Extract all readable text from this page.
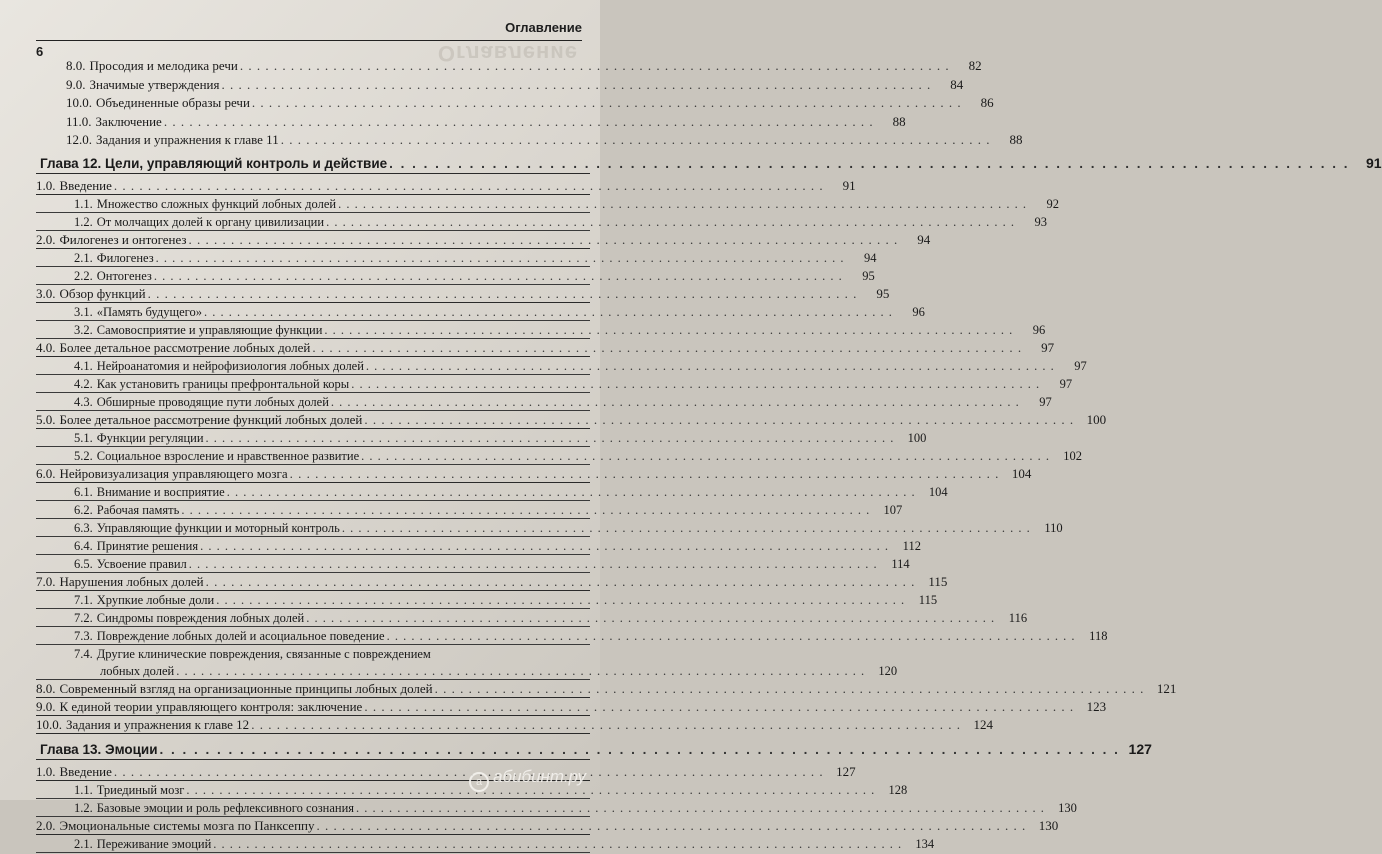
Оглавление
Оглавление
6
8.0. Просодия и мелодика речи . . .	82
9.0. Значимые утверждения . . .	84
10.0. Объединенные образы речи . . .	86
11.0. Заключение . . .	88
12.0. Задания и упражнения к главе 11 . . .	88
Глава 12. Цели, управляющий контроль и действие . . .	91
1.0. Введение . . .	91
1.1. Множество сложных функций лобных долей . . .	92
1.2. От молчащих долей к органу цивилизации . . .	93
2.0. Филогенез и онтогенез . . .	94
2.1. Филогенез . . .	94
2.2. Онтогенез . . .	95
3.0. Обзор функций . . .	95
3.1. «Память будущего» . . .	96
3.2. Самовосприятие и управляющие функции . . .	96
4.0. Более детальное рассмотрение лобных долей . . .	97
4.1. Нейроанатомия и нейрофизиология лобных долей . . .	97
4.2. Как установить границы префронтальной коры . . .	97
4.3. Обширные проводящие пути лобных долей . . .	97
5.0. Более детальное рассмотрение функций лобных долей . . .	100
5.1. Функции регуляции . . .	100
5.2. Социальное взросление и нравственное развитие . . .	102
6.0. Нейровизуализация управляющего мозга . . .	104
6.1. Внимание и восприятие . . .	104
6.2. Рабочая память . . .	107
6.3. Управляющие функции и моторный контроль . . .	110
6.4. Принятие решения . . .	112
6.5. Усвоение правил . . .	114
7.0. Нарушения лобных долей . . .	115
7.1. Хрупкие лобные доли . . .	115
7.2. Синдромы повреждения лобных долей . . .	116
7.3. Повреждение лобных долей и асоциальное поведение . . .	118
7.4. Другие клинические повреждения, связанные с повреждением
лобных долей . . .	120
8.0. Современный взгляд на организационные принципы лобных долей . . .	121
9.0. К единой теории управляющего контроля: заключение . . .	123
10.0. Задания и упражнения к главе 12 . . .	124
Глава 13. Эмоции . . .	127
1.0. Введение . . .	127
1.1. Триединый мозг . . .	128
1.2. Базовые эмоции и роль рефлексивного сознания . . .	130
2.0. Эмоциональные системы мозга по Панксеппу . . .	130
2.1. Переживание эмоций . . .	134
а абибинт.ру
